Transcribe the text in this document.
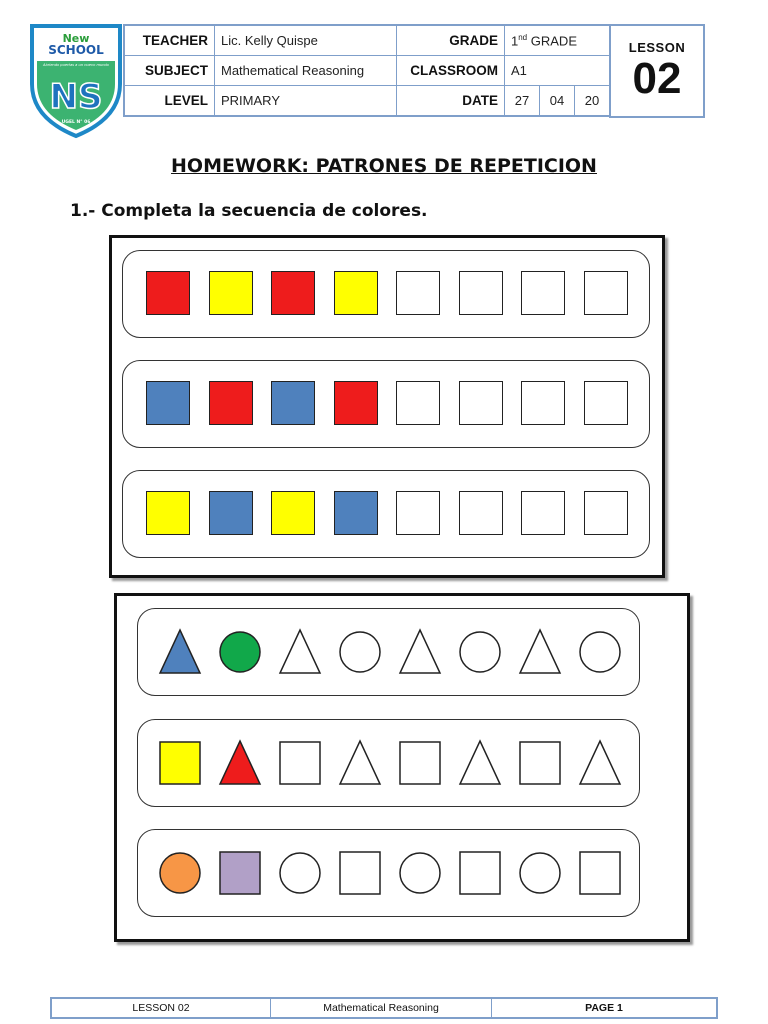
New
SCHOOL
Abriendo puertas a un nuevo mundo
NS
UGEL N° 06
TEACHER	Lic. Kelly Quispe	GRADE	1nd GRADE		
SUBJECT	Mathematical Reasoning	CLASSROOM	A1		
LEVEL	PRIMARY	DATE	27	04	20
LESSON
02
HOMEWORK: PATRONES DE REPETICION
1.- Completa la secuencia de colores.
LESSON 02	Mathematical Reasoning	PAGE 1
